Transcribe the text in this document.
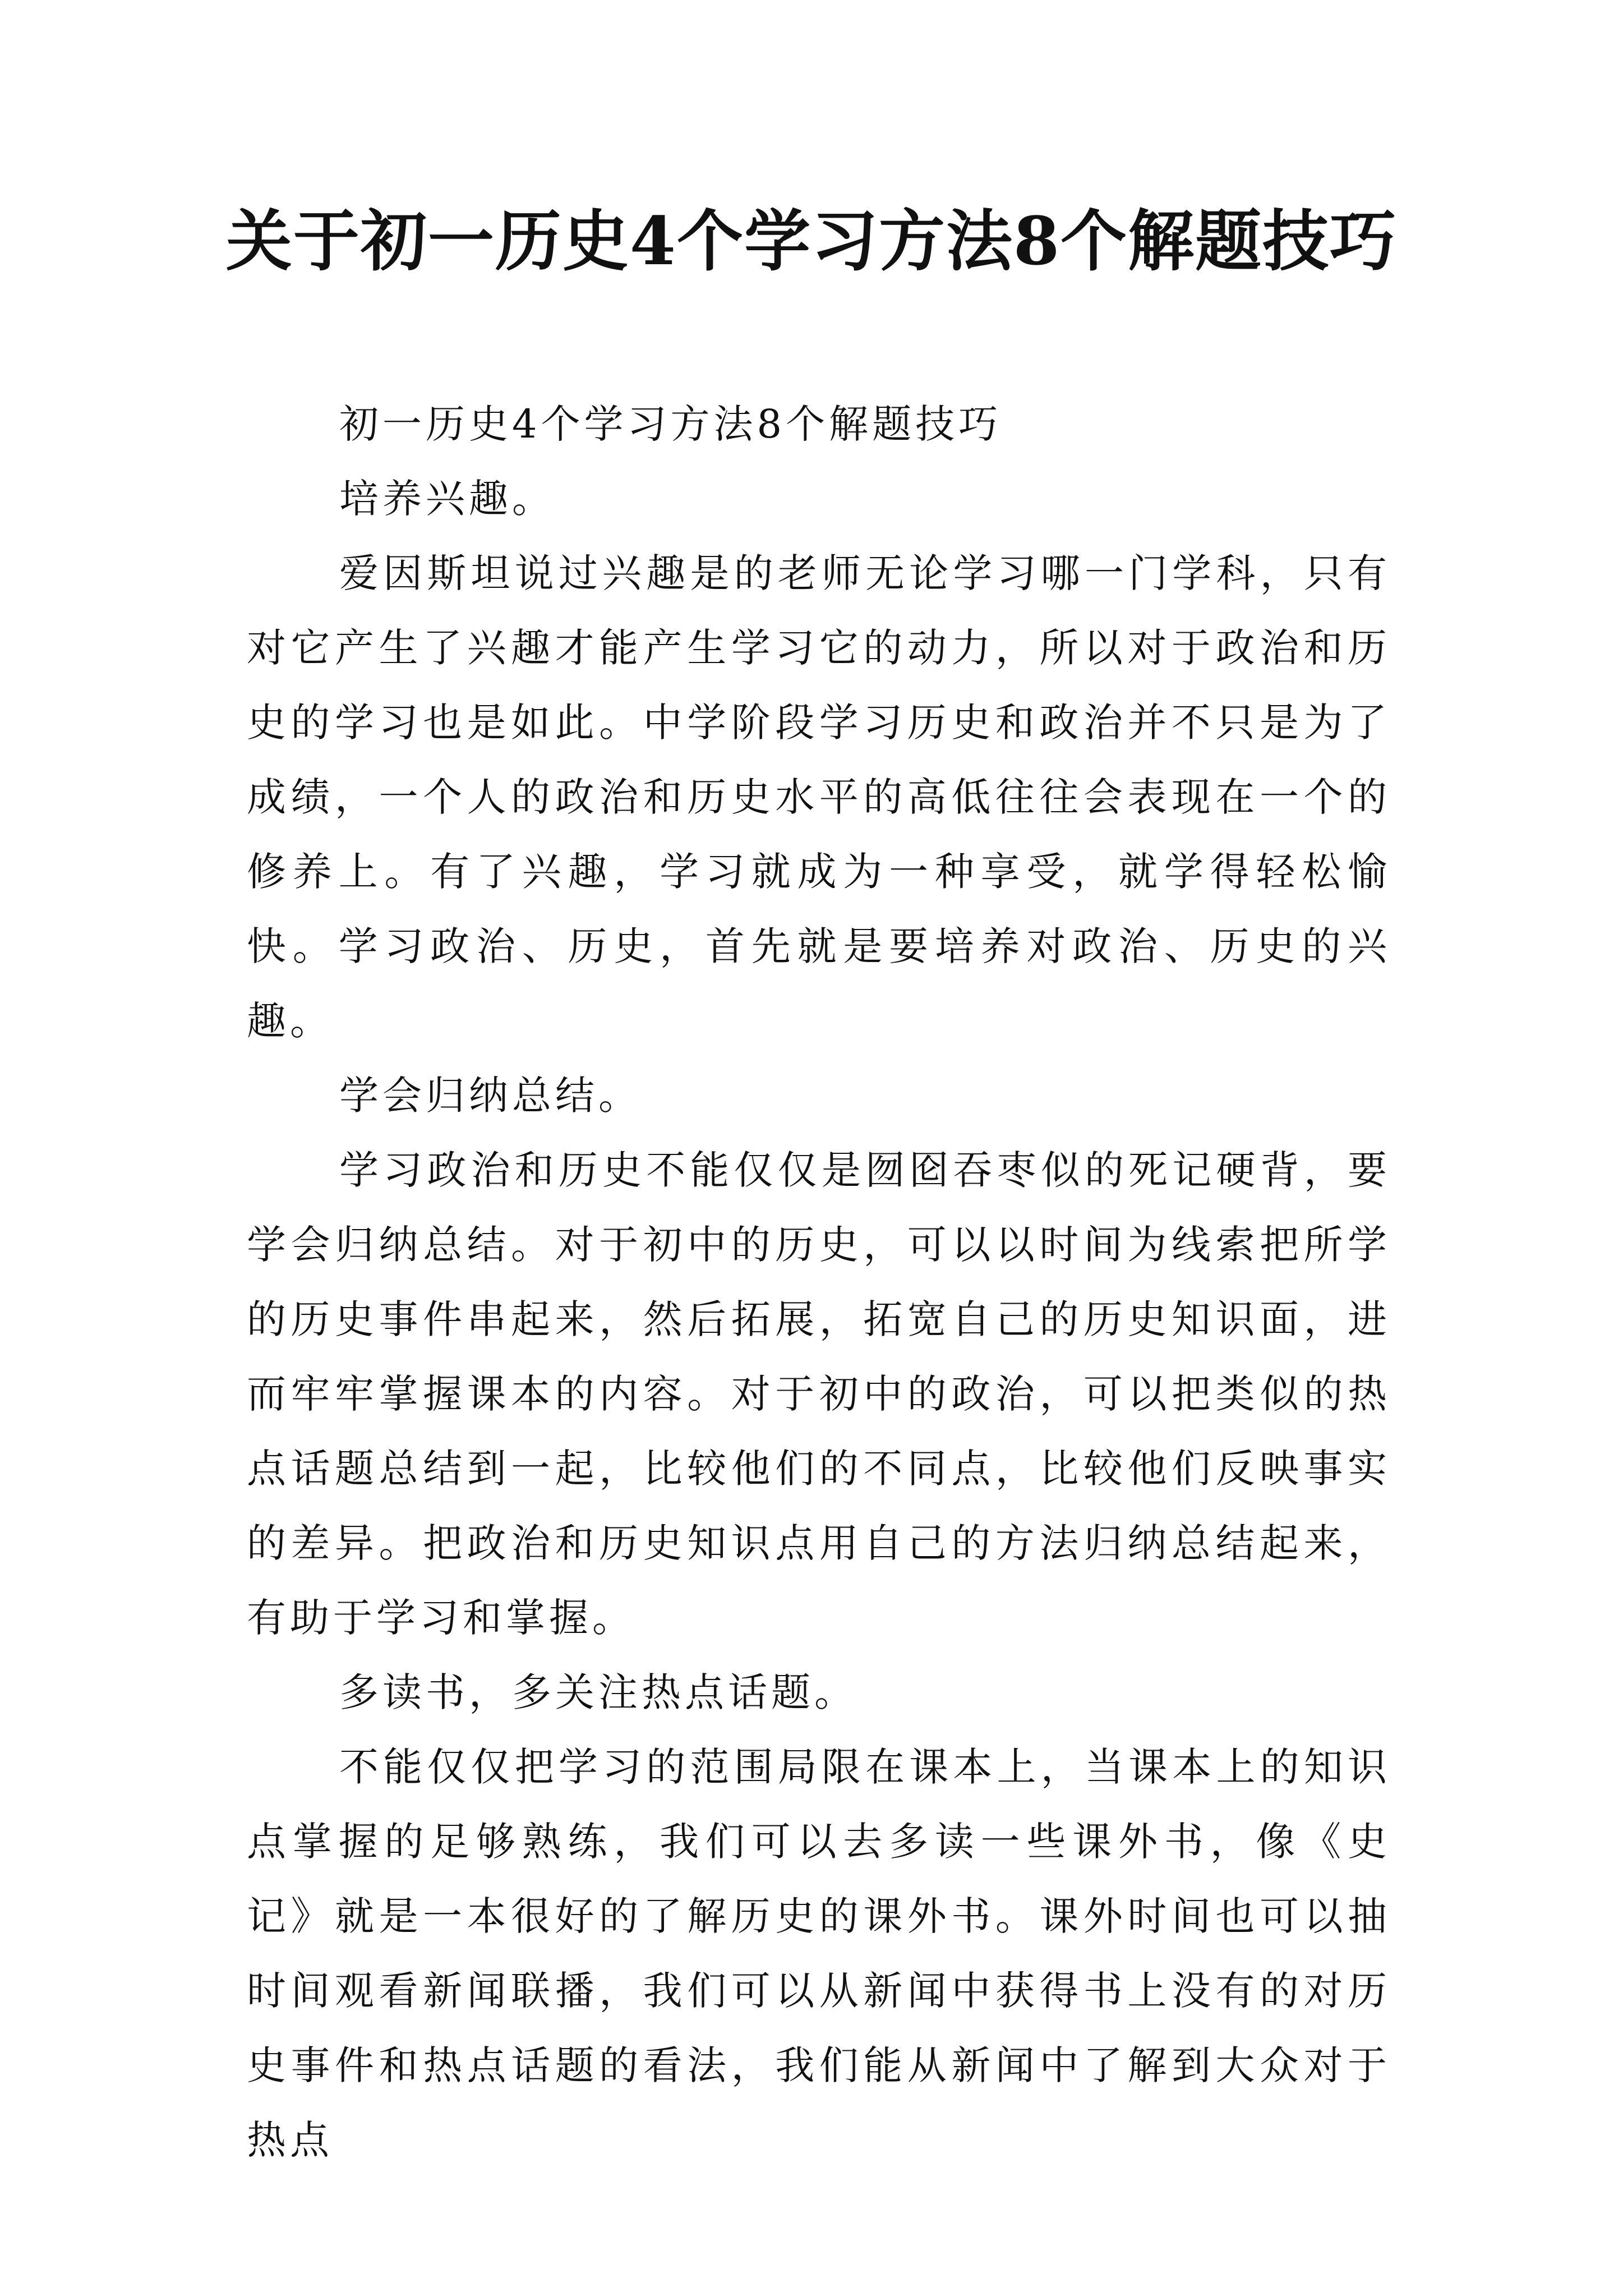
关于初一历史4个学习方法8个解题技巧

初一历史4个学习方法8个解题技巧

培养兴趣。

爱因斯坦说过兴趣是的老师无论学习哪一门学科，只有对它产生了兴趣才能产生学习它的动力，所以对于政治和历史的学习也是如此。中学阶段学习历史和政治并不只是为了成绩，一个人的政治和历史水平的高低往往会表现在一个的修养上。有了兴趣，学习就成为一种享受，就学得轻松愉快。学习政治、历史，首先就是要培养对政治、历史的兴趣。

学会归纳总结。

学习政治和历史不能仅仅是囫囵吞枣似的死记硬背，要学会归纳总结。对于初中的历史，可以以时间为线索把所学的历史事件串起来，然后拓展，拓宽自己的历史知识面，进而牢牢掌握课本的内容。对于初中的政治，可以把类似的热点话题总结到一起，比较他们的不同点，比较他们反映事实的差异。把政治和历史知识点用自己的方法归纳总结起来，有助于学习和掌握。

多读书，多关注热点话题。

不能仅仅把学习的范围局限在课本上，当课本上的知识点掌握的足够熟练，我们可以去多读一些课外书，像《史记》就是一本很好的了解历史的课外书。课外时间也可以抽时间观看新闻联播，我们可以从新闻中获得书上没有的对历史事件和热点话题的看法，我们能从新闻中了解到大众对于热点
